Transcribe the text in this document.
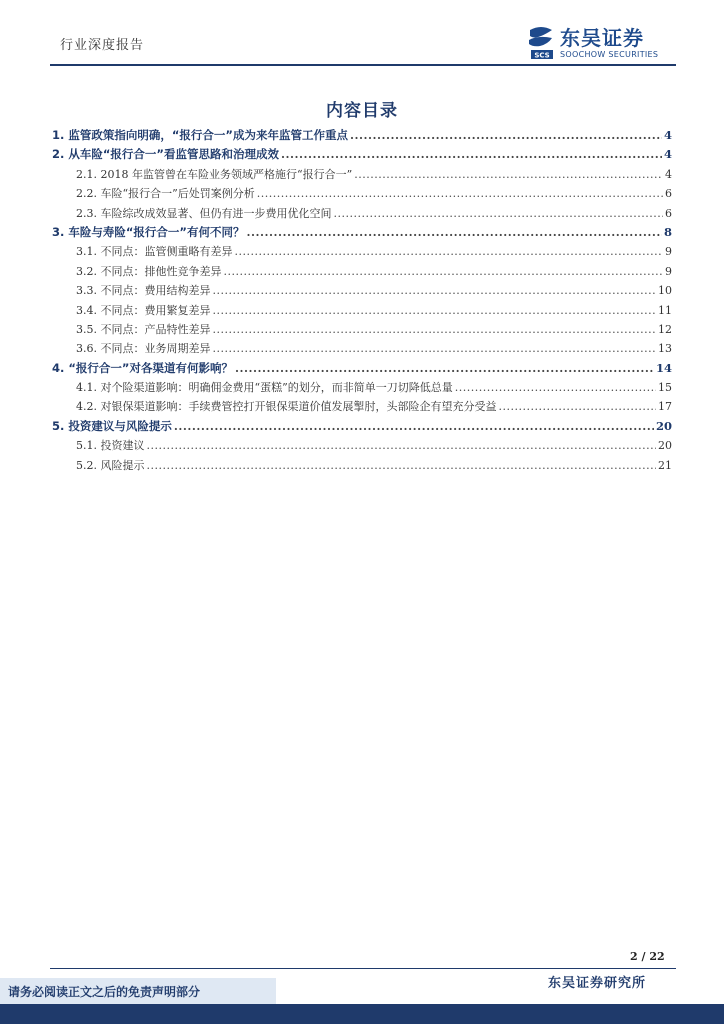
行业深度报告
SCS
东吴证券
SOOCHOW SECURITIES
内容目录
1. 监管政策指向明确，“报行合一”成为来年监管工作重点 .....	4
2. 从车险“报行合一”看监管思路和治理成效 .....	4
2.1. 2018 年监管曾在车险业务领域严格施行“报行合一” .....	4
2.2. 车险“报行合一”后处罚案例分析 .....	6
2.3. 车险综改成效显著、但仍有进一步费用优化空间 .....	6
3. 车险与寿险“报行合一”有何不同？ .....	8
3.1. 不同点：监管侧重略有差异 .....	9
3.2. 不同点：排他性竞争差异 .....	9
3.3. 不同点：费用结构差异 .....	10
3.4. 不同点：费用繁复差异 .....	11
3.5. 不同点：产品特性差异 .....	12
3.6. 不同点：业务周期差异 .....	13
4. “报行合一”对各渠道有何影响？ .....	14
4.1. 对个险渠道影响：明确佣金费用“蛋糕”的划分，而非简单一刀切降低总量 .....	15
4.2. 对银保渠道影响：手续费管控打开银保渠道价值发展掣肘，头部险企有望充分受益 .....	17
5. 投资建议与风险提示 .....	20
5.1. 投资建议 .....	20
5.2. 风险提示 .....	21
2 / 22
请务必阅读正文之后的免责声明部分
东吴证券研究所
